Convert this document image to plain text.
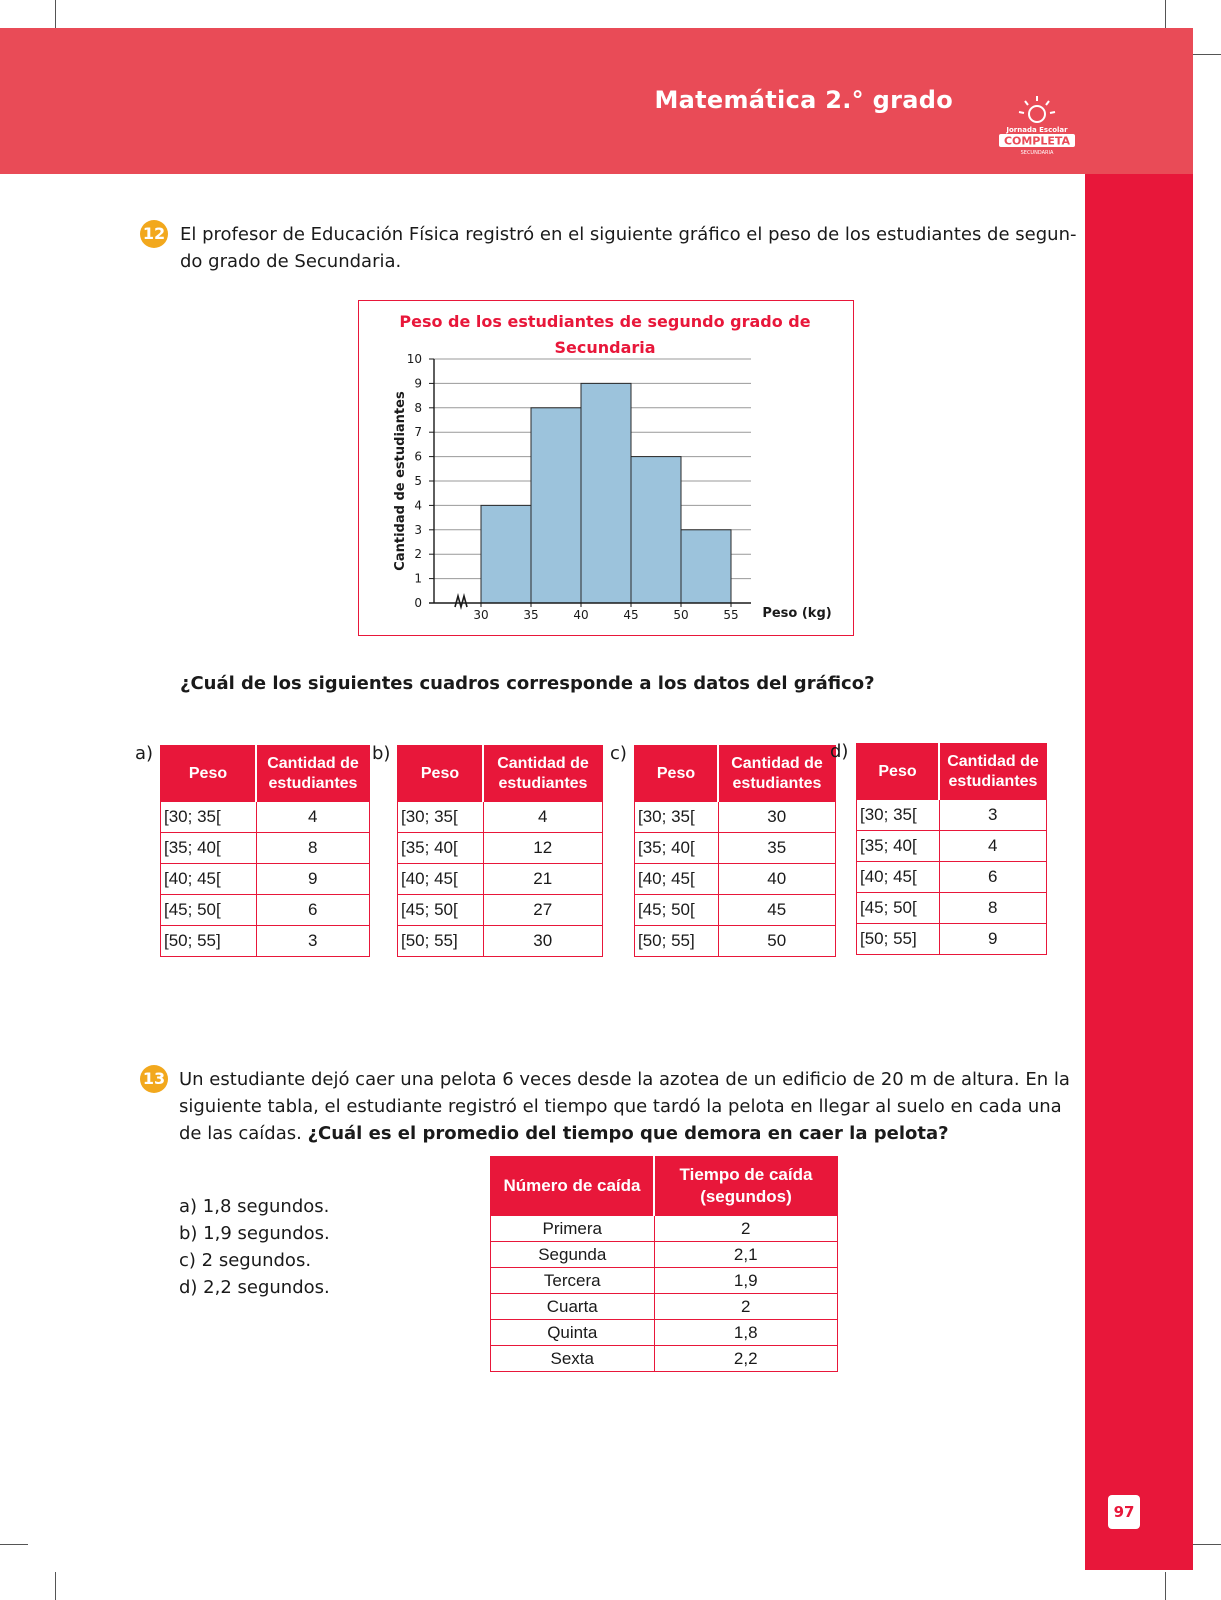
Matemática 2.° grado
Jornada Escolar
COMPLETA
SECUNDARIA
97
12 El profesor de Educación Física registró en el siguiente gráfico el peso de los estudiantes de segun-
do grado de Secundaria.
Peso de los estudiantes de segundo grado de
Secundaria
Cantidad de estudiantes
Peso (kg)
0
1
2
3
4
5
6
7
8
9
10
30	35	40	45	50	55
¿Cuál de los siguientes cuadros corresponde a los datos del gráfico?
a)
Peso	Cantidad de
estudiantes

[30; 35[	4
[35; 40[	8
[40; 45[	9
[45; 50[	6
[50; 55]	3
b)
Peso	Cantidad de
estudiantes

[30; 35[	4
[35; 40[	12
[40; 45[	21
[45; 50[	27
[50; 55]	30
c)
Peso	Cantidad de
estudiantes

[30; 35[	30
[35; 40[	35
[40; 45[	40
[45; 50[	45
[50; 55]	50
d)
Peso	Cantidad de
estudiantes

[30; 35[	3
[35; 40[	4
[40; 45[	6
[45; 50[	8
[50; 55]	9
13 Un estudiante dejó caer una pelota 6 veces desde la azotea de un edificio de 20 m de altura. En la
siguiente tabla, el estudiante registró el tiempo que tardó la pelota en llegar al suelo en cada una
de las caídas. ¿Cuál es el promedio del tiempo que demora en caer la pelota?
a) 1,8 segundos.
b) 1,9 segundos.
c) 2 segundos.
d) 2,2 segundos.
Número de caída	Tiempo de caída
(segundos)

Primera	2
Segunda	2,1
Tercera	1,9
Cuarta	2
Quinta	1,8
Sexta	2,2
